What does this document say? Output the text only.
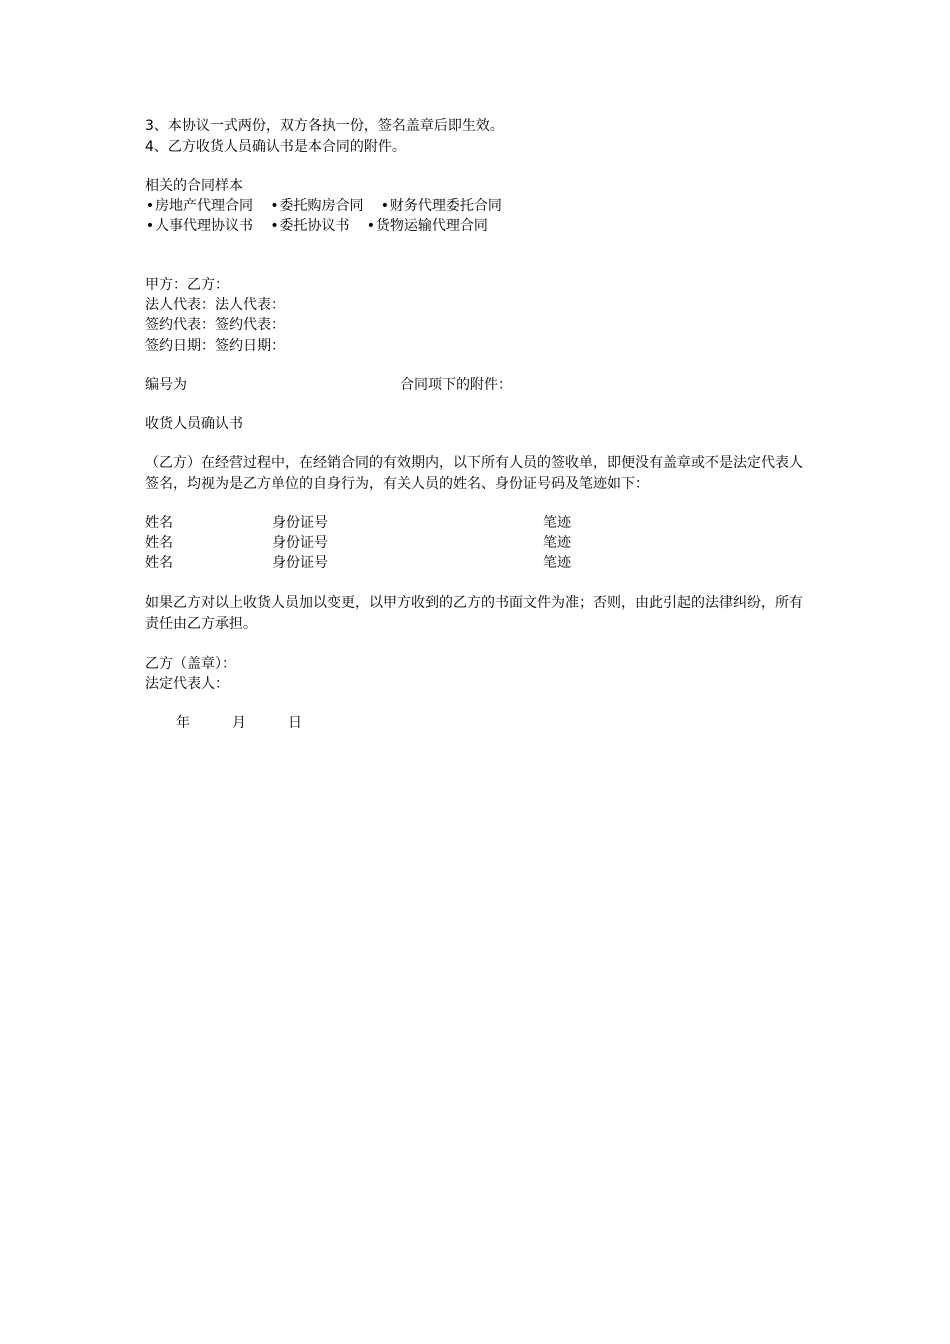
3、本协议一式两份，双方各执一份，签名盖章后即生效。
4、乙方收货人员确认书是本合同的附件。
相关的合同样本
•房地产代理合同 •委托购房合同 •财务代理委托合同
•人事代理协议书 •委托协议书 •货物运输代理合同
甲方：乙方：
法人代表：法人代表：
签约代表：签约代表：
签约日期：签约日期：
编号为	合同项下的附件：
收货人员确认书
（乙方）在经营过程中，在经销合同的有效期内，以下所有人员的签收单，即便没有盖章或不是法定代表人签名，均视为是乙方单位的自身行为，有关人员的姓名、身份证号码及笔迹如下：
姓名	身份证号	笔迹
姓名	身份证号	笔迹
姓名	身份证号	笔迹
如果乙方对以上收货人员加以变更，以甲方收到的乙方的书面文件为准；否则，由此引起的法律纠纷，所有责任由乙方承担。
乙方（盖章）：
法定代表人：
年	月	日
